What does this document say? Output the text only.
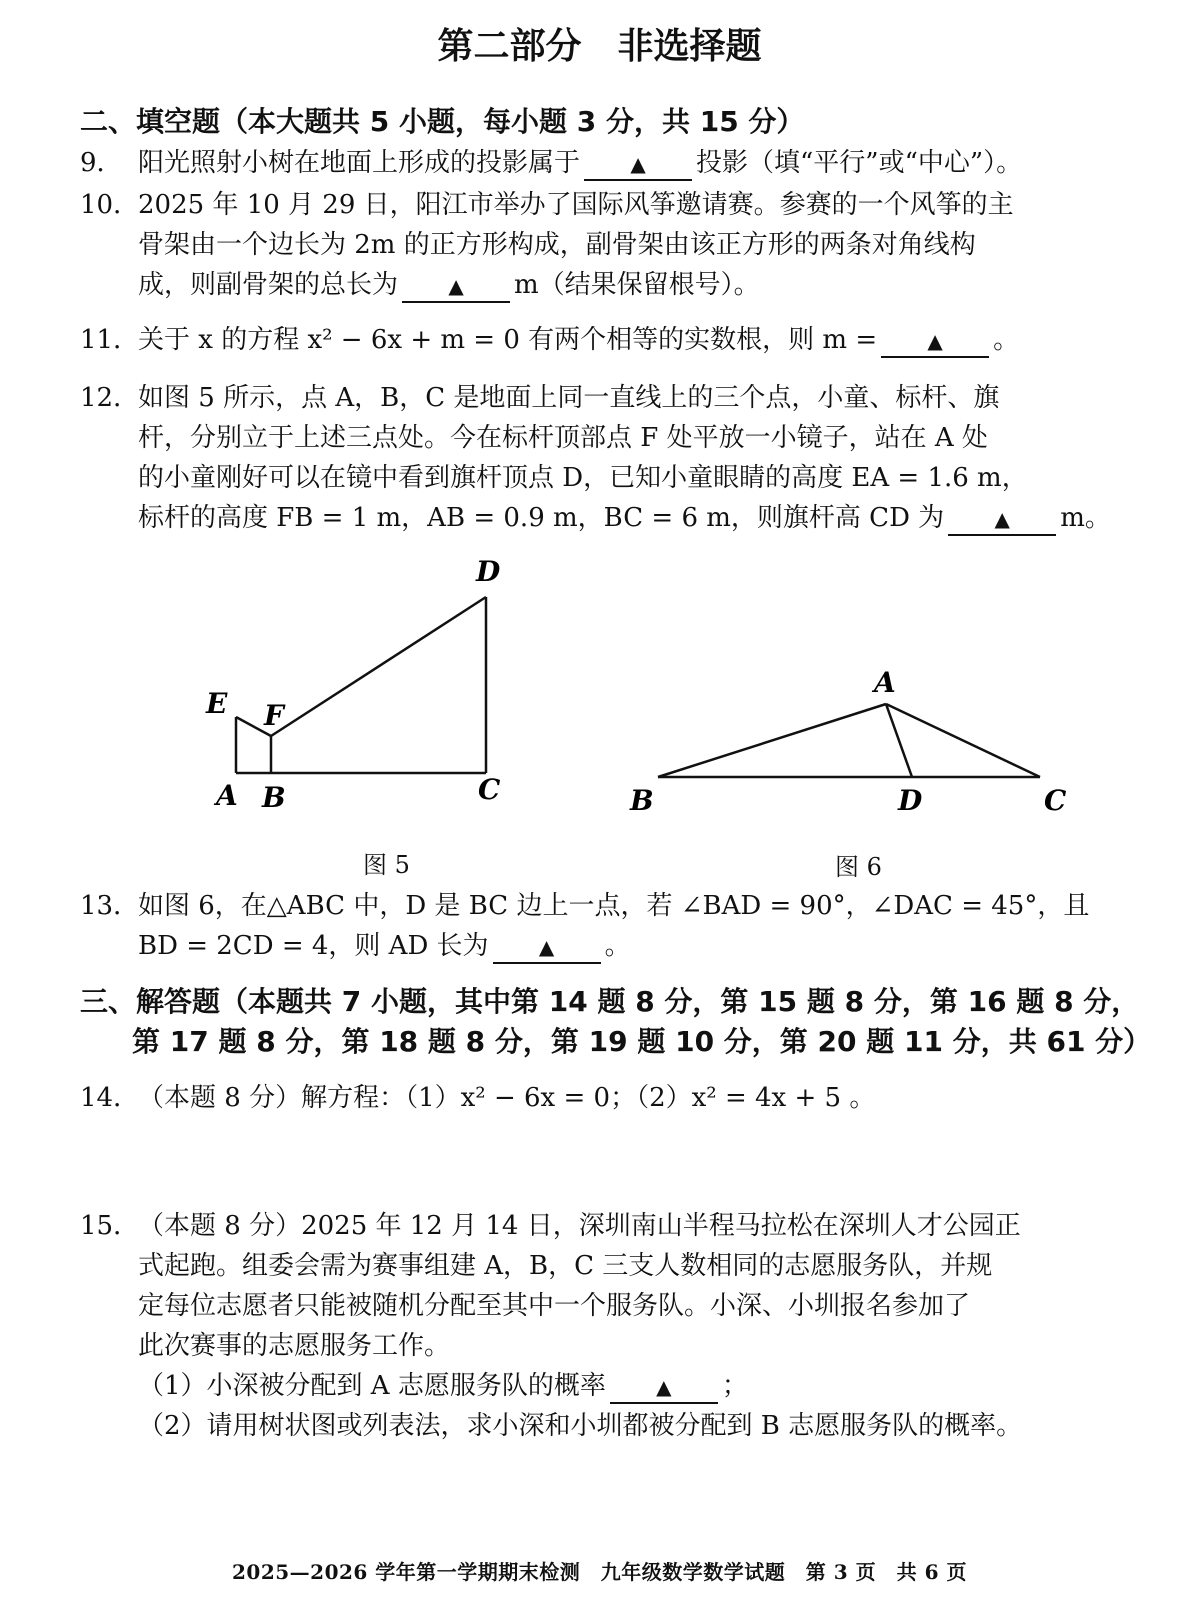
第二部分　非选择题
二、填空题（本大题共 5 小题，每小题 3 分，共 15 分）
9． 阳光照射小树在地面上形成的投影属于	▲ 投影（填“平行”或“中心”）。
10．2025 年 10 月 29 日，阳江市举办了国际风筝邀请赛。参赛的一个风筝的主
骨架由一个边长为 2m 的正方形构成，副骨架由该正方形的两条对角线构
成，则副骨架的总长为	▲ m（结果保留根号）。
11．关于 x 的方程 x² − 6x + m = 0 有两个相等的实数根，则 m =	▲ 。
12．如图 5 所示，点 A，B，C 是地面上同一直线上的三个点，小童、标杆、旗
杆，分别立于上述三点处。今在标杆顶部点 F 处平放一小镜子，站在 A 处
的小童刚好可以在镜中看到旗杆顶点 D，已知小童眼睛的高度 EA = 1.6 m，
标杆的高度 FB = 1 m，AB = 0.9 m，BC = 6 m，则旗杆高 CD 为	▲ m。
A B	C
D
E F
图 5
A
B	D	C
图 6
13．如图 6，在△ABC 中，D 是 BC 边上一点，若 ∠BAD = 90°，∠DAC = 45°，且
BD = 2CD = 4，则 AD 长为	▲ 。
三、解答题（本题共 7 小题，其中第 14 题 8 分，第 15 题 8 分，第 16 题 8 分，
第 17 题 8 分，第 18 题 8 分，第 19 题 10 分，第 20 题 11 分，共 61 分）
14．（本题 8 分）解方程：（1）x² − 6x = 0；（2）x² = 4x + 5 。
15．（本题 8 分）2025 年 12 月 14 日，深圳南山半程马拉松在深圳人才公园正
式起跑。组委会需为赛事组建 A，B，C 三支人数相同的志愿服务队，并规
定每位志愿者只能被随机分配至其中一个服务队。小深、小圳报名参加了
此次赛事的志愿服务工作。
（1）小深被分配到 A 志愿服务队的概率	▲ ；
（2）请用树状图或列表法，求小深和小圳都被分配到 B 志愿服务队的概率。
2025—2026 学年第一学期期末检测　九年级数学数学试题　第 3 页　共 6 页
